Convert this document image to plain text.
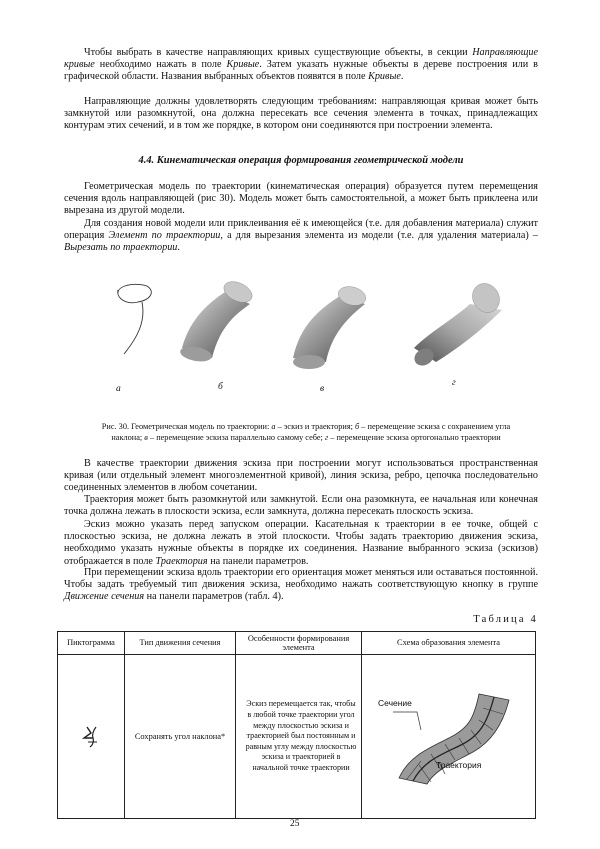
Чтобы выбрать в качестве направляющих кривых существующие объекты, в секции Направляющие кривые необходимо нажать в поле Кривые. Затем указать нужные объекты в дереве построения или в графической области. Названия выбранных объектов появятся в поле Кривые.

Направляющие должны удовлетворять следующим требованиям: направляющая кривая может быть замкнутой или разомкнутой, она должна пересекать все сечения элемента в точках, принадлежащих контурам этих сечений, и в том же порядке, в котором они соединяются при построении элемента.

4.4. Кинематическая операция формирования геометрической модели

Геометрическая модель по траектории (кинематическая операция) образуется путем перемещения сечения вдоль направляющей (рис 30). Модель может быть самостоятельной, а может быть приклеена или вырезана из другой модели.

Для создания новой модели или приклеивания её к имеющейся (т.е. для добавления материала) служит операция Элемент по траектории, а для вырезания элемента из модели (т.е. для удаления материала) – Вырезать по траектории.

а	б	в
г
Рис. 30. Геометрическая модель по траектории: а – эскиз и траектория; б – перемещение эскиза с сохранением угла наклона; в – перемещение эскиза параллельно самому себе; г – перемещение эскиза ортогонально траектории

В качестве траектории движения эскиза при построении могут использоваться пространственная кривая (или отдельный элемент многоэлементной кривой), линия эскиза, ребро, цепочка последовательно соединенных элементов в любом сочетании.

Траектория может быть разомкнутой или замкнутой. Если она разомкнута, ее начальная или конечная точка должна лежать в плоскости эскиза, если замкнута, должна пересекать плоскость эскиза.

Эскиз можно указать перед запуском операции. Касательная к траектории в ее точке, общей с плоскостью эскиза, не должна лежать в этой плоскости. Чтобы задать траекторию движения эскиза, необходимо указать нужные объекты в порядке их соединения. Название выбранного эскиза (эскизов) отображается в поле Траектория на панели параметров.

При перемещении эскиза вдоль траектории его ориентация может меняться или оставаться постоянной. Чтобы задать требуемый тип движения эскиза, необходимо нажать соответствующую кнопку в группе Движение сечения на панели параметров (табл. 4).

Таблица 4
Пиктограмма	Тип движения сечения	Особенности формирования элемента	Схема образования элемента
	Сохранять угол наклона*	Эскиз перемещается так, чтобы в любой точке траектории угол между плоскостью эскиза и траекторией был постоянным и равным углу между плоскостью эскиза и траекторией в начальной точке траектории	Сечение
Траектория
25
